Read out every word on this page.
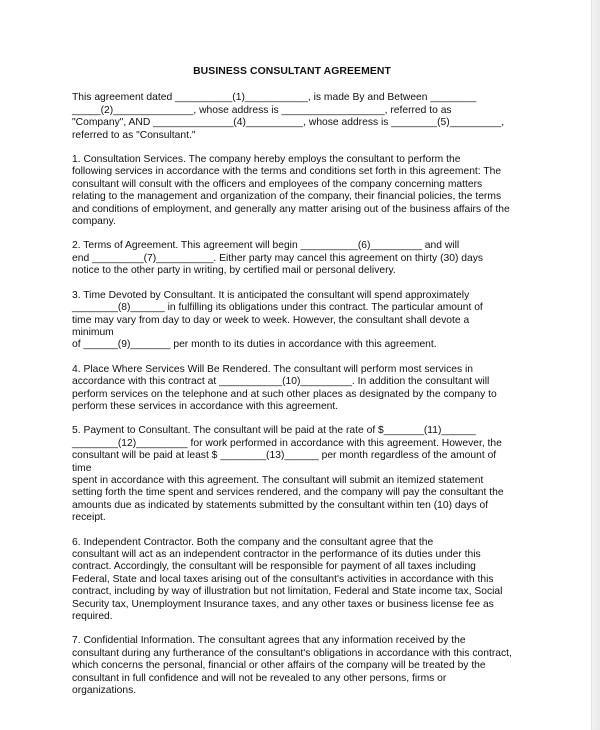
BUSINESS CONSULTANT AGREEMENT
This agreement dated __________(1)___________, is made By and Between ________
_____(2)______________, whose address is __________________, referred to as
"Company", AND ______________(4)__________, whose address is ________(5)_________,
referred to as "Consultant."
1. Consultation Services. The company hereby employs the consultant to perform the
following services in accordance with the terms and conditions set forth in this agreement: The
consultant will consult with the officers and employees of the company concerning matters
relating to the management and organization of the company, their financial policies, the terms
and conditions of employment, and generally any matter arising out of the business affairs of the
company.
2. Terms of Agreement. This agreement will begin __________(6)_________ and will
end _________(7)__________. Either party may cancel this agreement on thirty (30) days
notice to the other party in writing, by certified mail or personal delivery.
3. Time Devoted by Consultant. It is anticipated the consultant will spend approximately
________(8)______ in fulfilling its obligations under this contract. The particular amount of
time may vary from day to day or week to week. However, the consultant shall devote a minimum
of ______(9)_______ per month to its duties in accordance with this agreement.
4. Place Where Services Will Be Rendered. The consultant will perform most services in
accordance with this contract at ___________(10)_________. In addition the consultant will
perform services on the telephone and at such other places as designated by the company to
perform these services in accordance with this agreement.
5. Payment to Consultant. The consultant will be paid at the rate of $_______(11)______
________(12)_________ for work performed in accordance with this agreement. However, the
consultant will be paid at least $ ________(13)______ per month regardless of the amount of time
spent in accordance with this agreement. The consultant will submit an itemized statement
setting forth the time spent and services rendered, and the company will pay the consultant the
amounts due as indicated by statements submitted by the consultant within ten (10) days of
receipt.
6. Independent Contractor. Both the company and the consultant agree that the
consultant will act as an independent contractor in the performance of its duties under this
contract. Accordingly, the consultant will be responsible for payment of all taxes including
Federal, State and local taxes arising out of the consultant's activities in accordance with this
contract, including by way of illustration but not limitation, Federal and State income tax, Social
Security tax, Unemployment Insurance taxes, and any other taxes or business license fee as
required.
7. Confidential Information. The consultant agrees that any information received by the
consultant during any furtherance of the consultant's obligations in accordance with this contract,
which concerns the personal, financial or other affairs of the company will be treated by the
consultant in full confidence and will not be revealed to any other persons, firms or organizations.
